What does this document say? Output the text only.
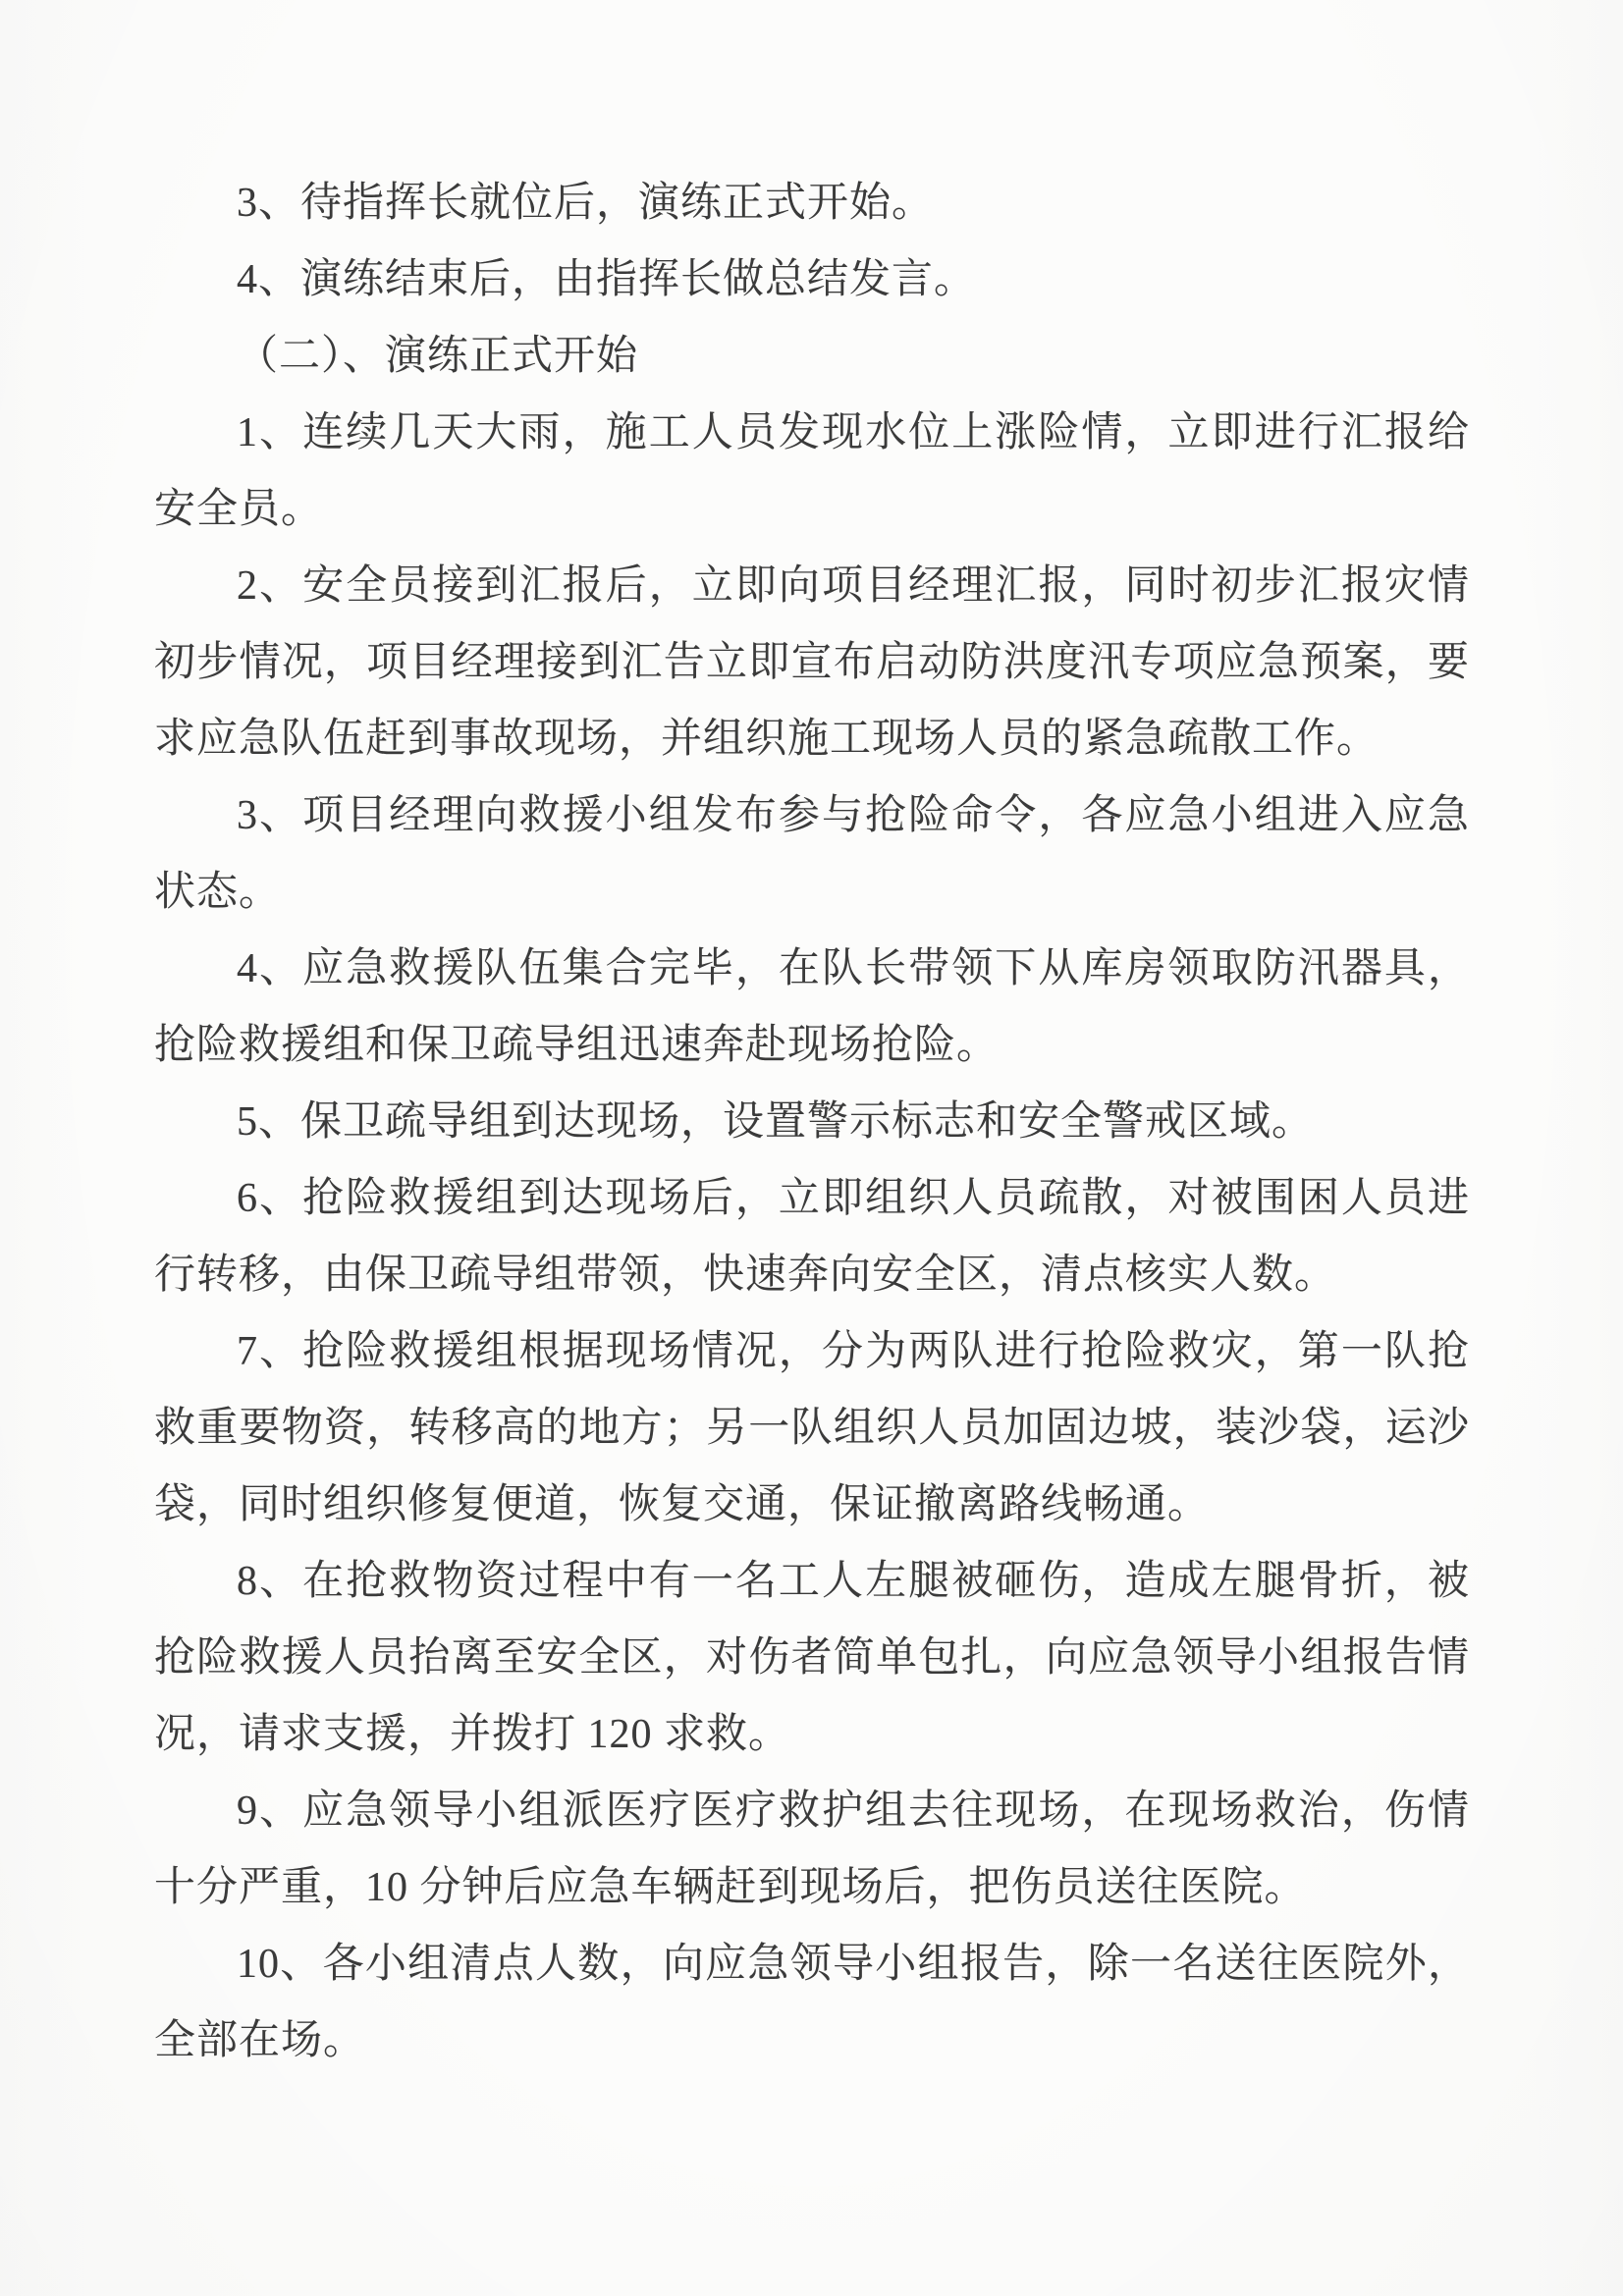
3、待指挥长就位后，演练正式开始。

4、演练结束后，由指挥长做总结发言。

（二）、演练正式开始

1、连续几天大雨，施工人员发现水位上涨险情，立即进行汇报给安全员。

2、安全员接到汇报后，立即向项目经理汇报，同时初步汇报灾情初步情况，项目经理接到汇告立即宣布启动防洪度汛专项应急预案，要求应急队伍赶到事故现场，并组织施工现场人员的紧急疏散工作。

3、项目经理向救援小组发布参与抢险命令，各应急小组进入应急状态。

4、应急救援队伍集合完毕，在队长带领下从库房领取防汛器具，抢险救援组和保卫疏导组迅速奔赴现场抢险。

5、保卫疏导组到达现场，设置警示标志和安全警戒区域。

6、抢险救援组到达现场后，立即组织人员疏散，对被围困人员进行转移，由保卫疏导组带领，快速奔向安全区，清点核实人数。

7、抢险救援组根据现场情况，分为两队进行抢险救灾，第一队抢救重要物资，转移高的地方；另一队组织人员加固边坡，装沙袋，运沙袋，同时组织修复便道，恢复交通，保证撤离路线畅通。

8、在抢救物资过程中有一名工人左腿被砸伤，造成左腿骨折，被抢险救援人员抬离至安全区，对伤者简单包扎，向应急领导小组报告情况，请求支援，并拨打 120 求救。

9、应急领导小组派医疗医疗救护组去往现场，在现场救治，伤情十分严重，10 分钟后应急车辆赶到现场后，把伤员送往医院。

10、各小组清点人数，向应急领导小组报告，除一名送往医院外，全部在场。
